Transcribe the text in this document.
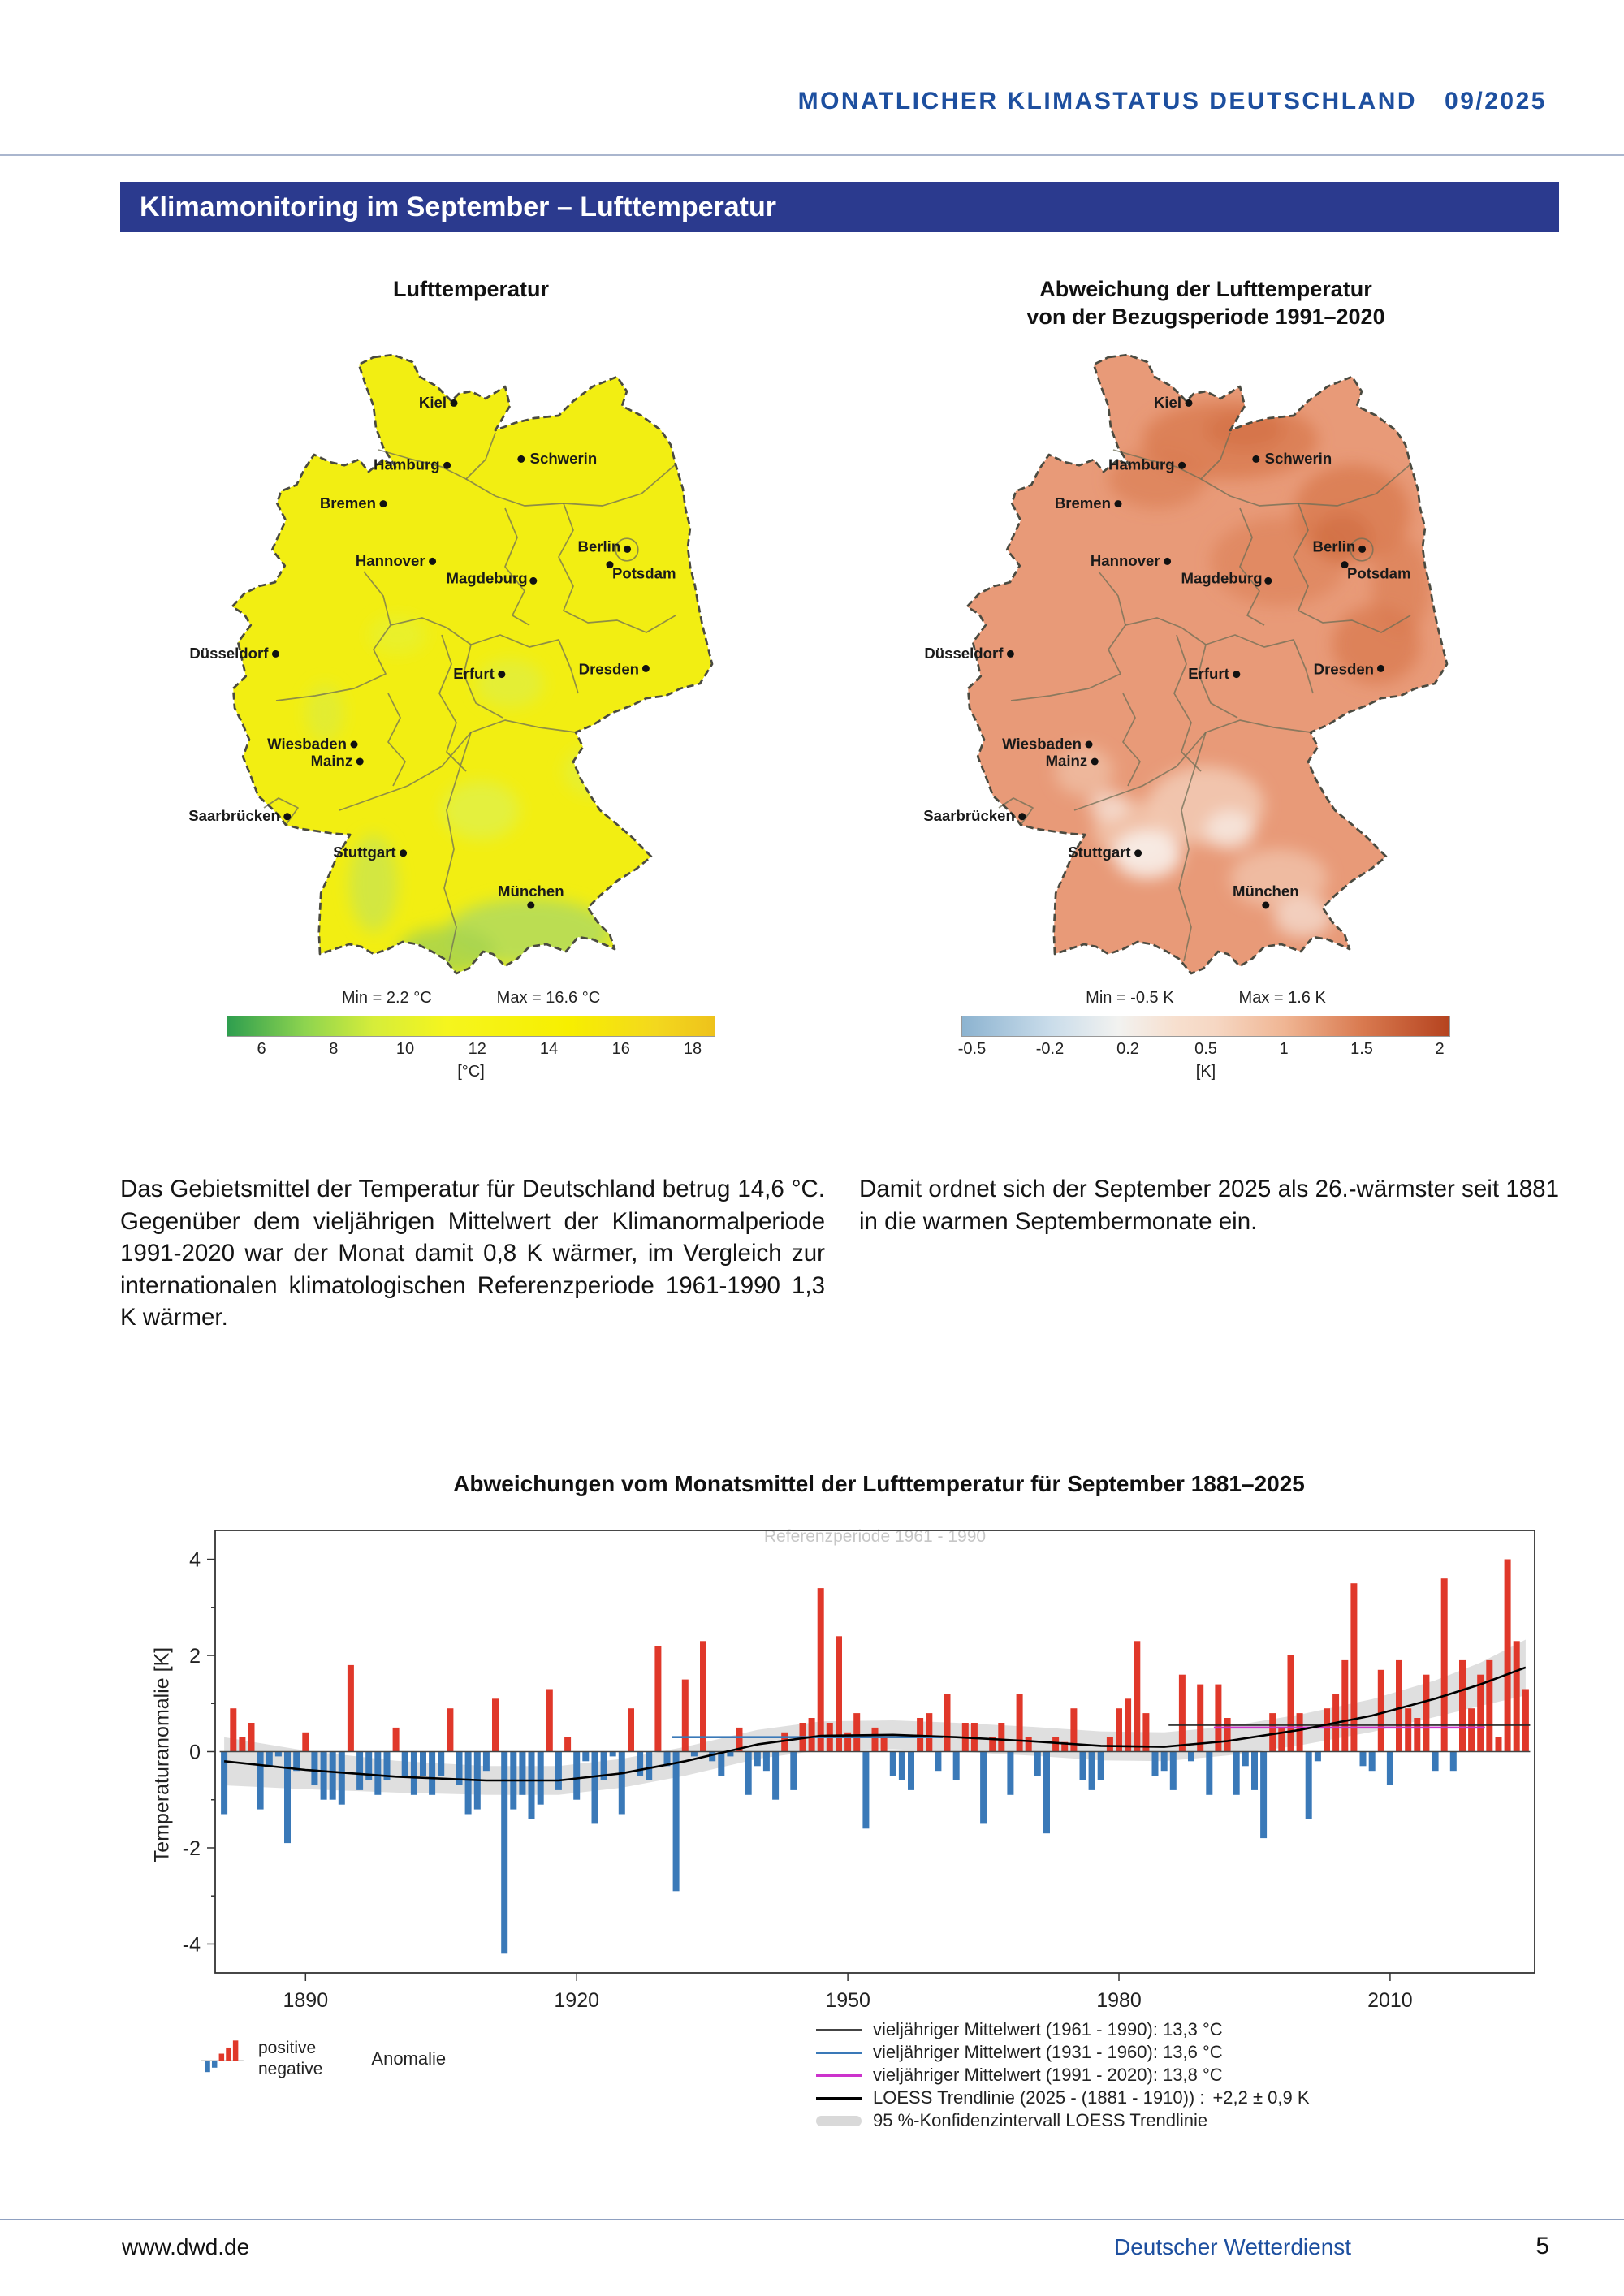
MONATLICHER KLIMASTATUS DEUTSCHLAND 09/2025
Klimamonitoring im September – Lufttemperatur
Lufttemperatur
Kiel
Hamburg	Schwerin
Bremen
Berlin
Hannover
Potsdam
Magdeburg
Düsseldorf
Erfurt	Dresden
Wiesbaden
Mainz
Saarbrücken
Stuttgart
München
Min = 2.2 °C	Max = 16.6 °C
6	8	10	12	14	16	18
[°C]
Abweichung der Lufttemperatur
von der Bezugsperiode 1991–2020
Kiel
Hamburg	Schwerin
Bremen
Berlin
Hannover
Potsdam
Magdeburg
Düsseldorf
Erfurt	Dresden
Wiesbaden
Mainz
Saarbrücken
Stuttgart
München
Min = -0.5 K	Max = 1.6 K
-0.5	-0.2	0.2	0.5	1	1.5	2
[K]
Das Gebietsmittel der Temperatur für Deutschland betrug 14,6 °C. Gegenüber dem vieljährigen Mittelwert der Klimanormalperiode 1991-2020 war der Monat damit 0,8 K wärmer, im Vergleich zur internationalen klimatologischen Referenzperiode 1961-1990 1,3 K wärmer.
Damit ordnet sich der September 2025 als 26.-wärmster seit 1881 in die warmen Septembermonate ein.
Abweichungen vom Monatsmittel der Lufttemperatur für September 1881–2025
Temperaturanomalie [K]
Referenzperiode 1961 - 1990
-4
-2
0
2
4
1890	1920	1950	1980	2010
positive
negative
Anomalie
vieljähriger Mittelwert (1961 - 1990): 13,3 °C
vieljähriger Mittelwert (1931 - 1960): 13,6 °C
vieljähriger Mittelwert (1991 - 2020): 13,8 °C
LOESS Trendlinie (2025 - (1881 - 1910)) : +2,2 ± 0,9 K
95 %-Konfidenzintervall LOESS Trendlinie
www.dwd.de	Deutscher Wetterdienst	5
